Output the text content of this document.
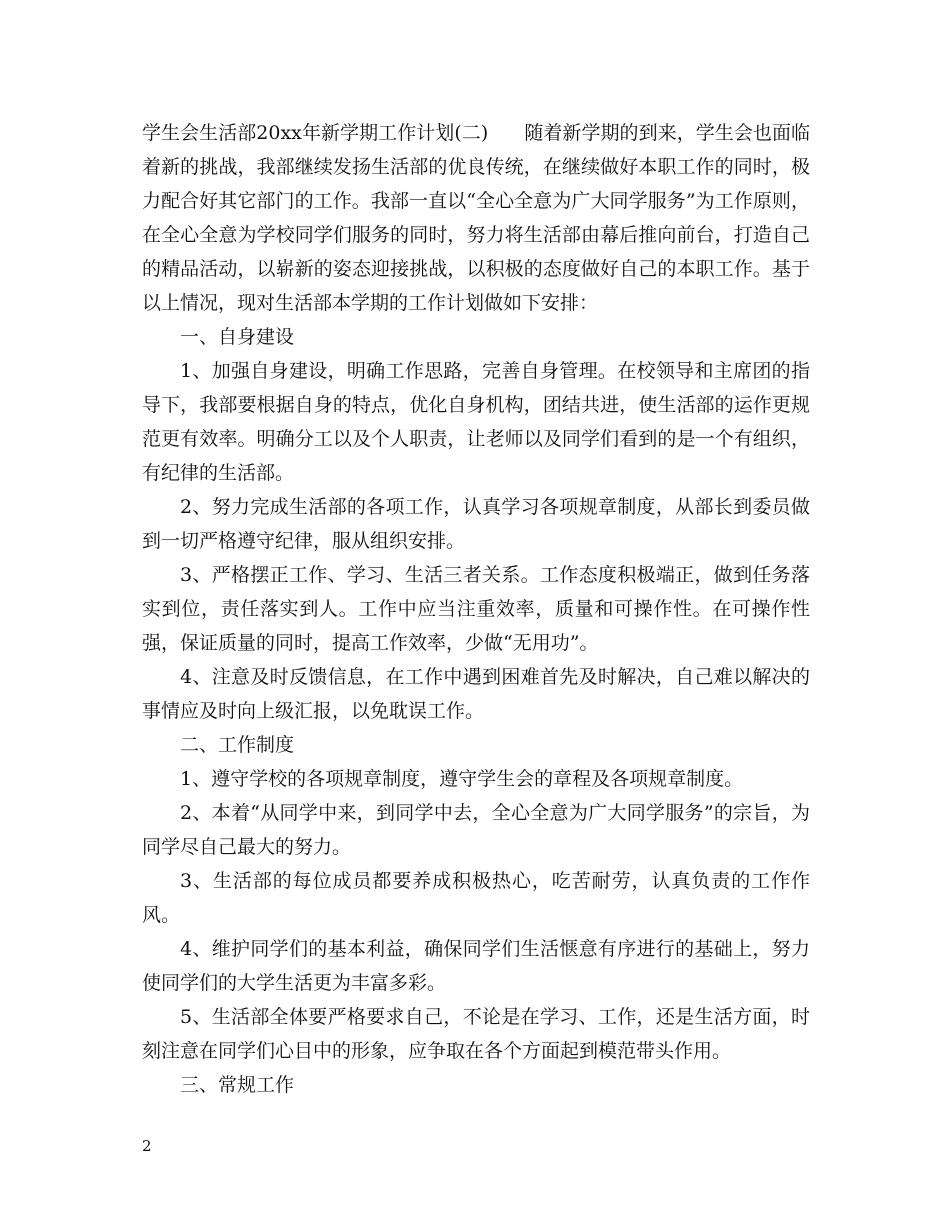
学生会生活部20xx年新学期工作计划(二) 随着新学期的到来，学生会也面临着新的挑战，我部继续发扬生活部的优良传统，在继续做好本职工作的同时，极力配合好其它部门的工作。我部一直以“全心全意为广大同学服务”为工作原则，在全心全意为学校同学们服务的同时，努力将生活部由幕后推向前台，打造自己的精品活动，以崭新的姿态迎接挑战，以积极的态度做好自己的本职工作。基于以上情况，现对生活部本学期的工作计划做如下安排：

一、自身建设

1、加强自身建设，明确工作思路，完善自身管理。在校领导和主席团的指导下，我部要根据自身的特点，优化自身机构，团结共进，使生活部的运作更规范更有效率。明确分工以及个人职责，让老师以及同学们看到的是一个有组织，有纪律的生活部。

2、努力完成生活部的各项工作，认真学习各项规章制度，从部长到委员做到一切严格遵守纪律，服从组织安排。

3、严格摆正工作、学习、生活三者关系。工作态度积极端正，做到任务落实到位，责任落实到人。工作中应当注重效率，质量和可操作性。在可操作性强，保证质量的同时，提高工作效率，少做“无用功”。

4、注意及时反馈信息，在工作中遇到困难首先及时解决，自己难以解决的事情应及时向上级汇报，以免耽误工作。

二、工作制度

1、遵守学校的各项规章制度，遵守学生会的章程及各项规章制度。

2、本着“从同学中来，到同学中去，全心全意为广大同学服务”的宗旨，为同学尽自己最大的努力。

3、生活部的每位成员都要养成积极热心，吃苦耐劳，认真负责的工作作风。

4、维护同学们的基本利益，确保同学们生活惬意有序进行的基础上，努力使同学们的大学生活更为丰富多彩。

5、生活部全体要严格要求自己，不论是在学习、工作，还是生活方面，时刻注意在同学们心目中的形象，应争取在各个方面起到模范带头作用。

三、常规工作

2
